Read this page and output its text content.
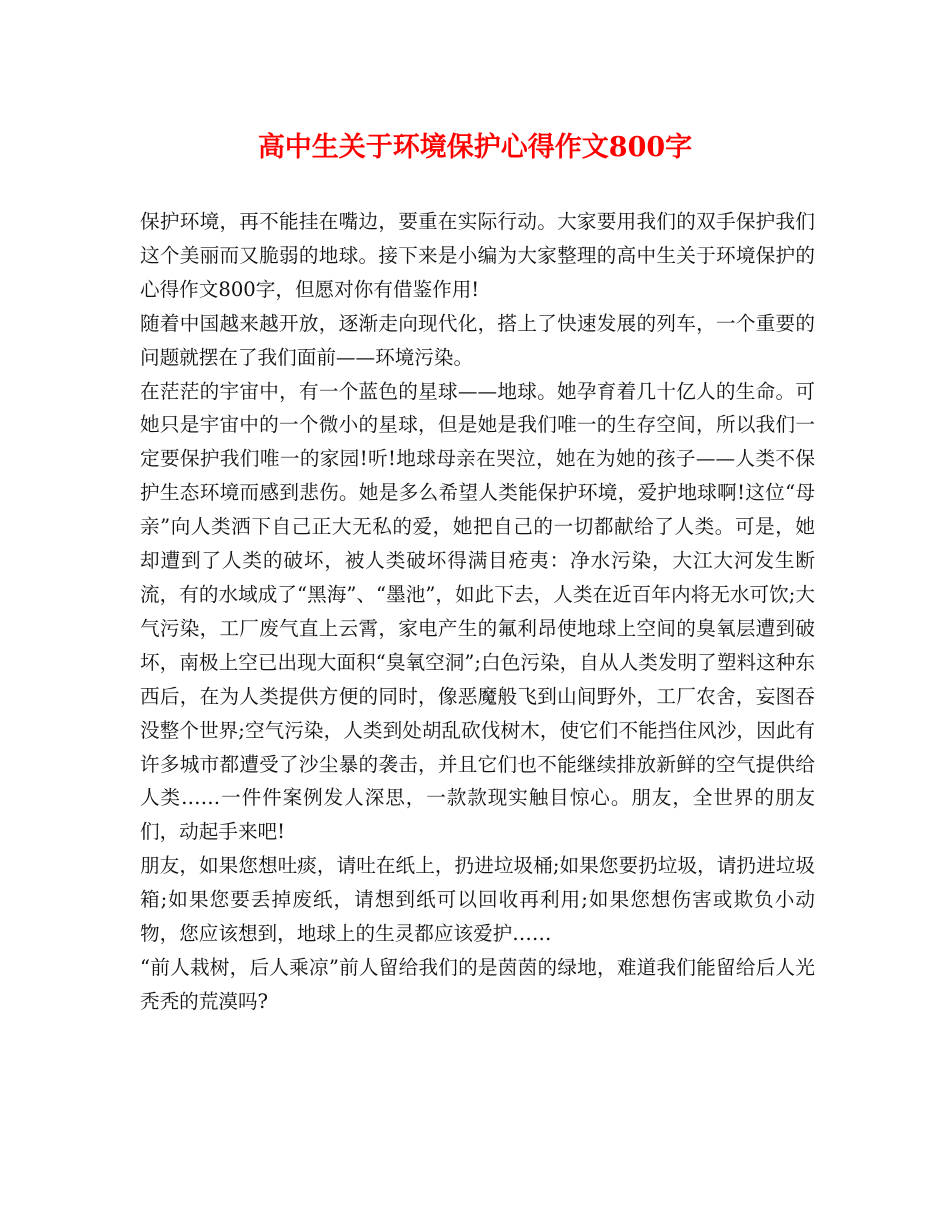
高中生关于环境保护心得作文800字

保护环境，再不能挂在嘴边，要重在实际行动。大家要用我们的双手保护我们这个美丽而又脆弱的地球。接下来是小编为大家整理的高中生关于环境保护的心得作文800字，但愿对你有借鉴作用!

随着中国越来越开放，逐渐走向现代化，搭上了快速发展的列车，一个重要的问题就摆在了我们面前——环境污染。

在茫茫的宇宙中，有一个蓝色的星球——地球。她孕育着几十亿人的生命。可她只是宇宙中的一个微小的星球，但是她是我们唯一的生存空间，所以我们一定要保护我们唯一的家园!听!地球母亲在哭泣，她在为她的孩子——人类不保护生态环境而感到悲伤。她是多么希望人类能保护环境，爱护地球啊!这位“母亲”向人类洒下自己正大无私的爱，她把自己的一切都献给了人类。可是，她却遭到了人类的破坏，被人类破坏得满目疮夷：净水污染，大江大河发生断流，有的水域成了“黑海”、“墨池”，如此下去，人类在近百年内将无水可饮;大气污染，工厂废气直上云霄，家电产生的氟利昂使地球上空间的臭氧层遭到破坏，南极上空已出现大面积“臭氧空洞”;白色污染，自从人类发明了塑料这种东西后，在为人类提供方便的同时，像恶魔般飞到山间野外，工厂农舍，妄图吞没整个世界;空气污染，人类到处胡乱砍伐树木，使它们不能挡住风沙，因此有许多城市都遭受了沙尘暴的袭击，并且它们也不能继续排放新鲜的空气提供给人类……一件件案例发人深思，一款款现实触目惊心。朋友，全世界的朋友们，动起手来吧!

朋友，如果您想吐痰，请吐在纸上，扔进垃圾桶;如果您要扔垃圾，请扔进垃圾箱;如果您要丢掉废纸，请想到纸可以回收再利用;如果您想伤害或欺负小动物，您应该想到，地球上的生灵都应该爱护……

“前人栽树，后人乘凉”前人留给我们的是茵茵的绿地，难道我们能留给后人光秃秃的荒漠吗?
